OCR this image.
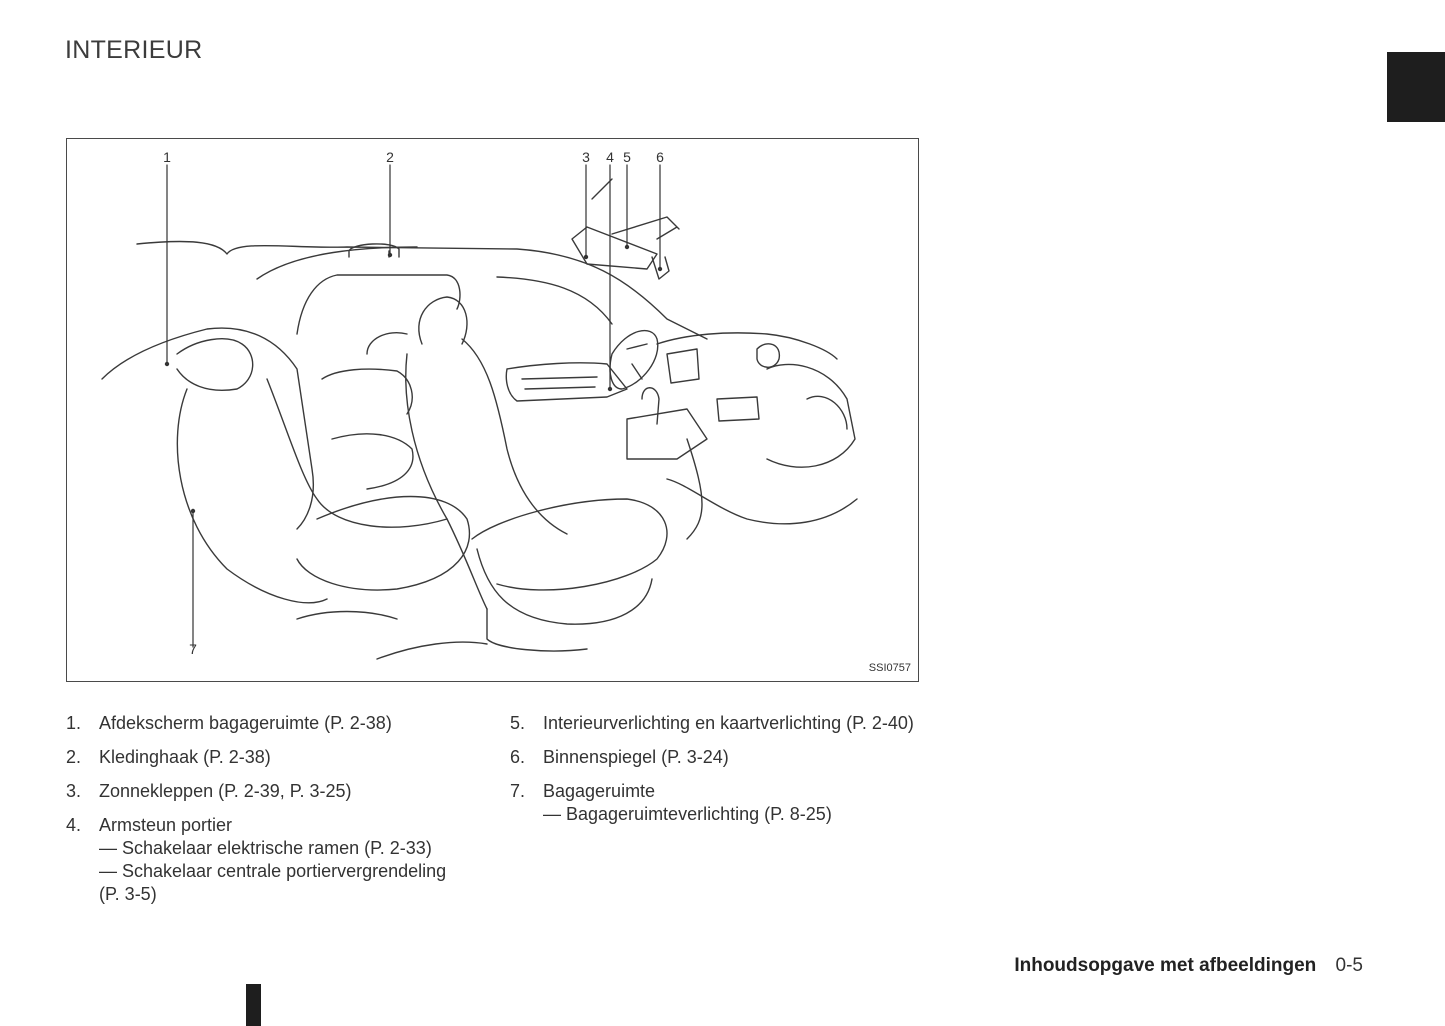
INTERIEUR
1	2	3 4 5 6
7
SSI0757
1. Afdekscherm bagageruimte (P. 2-38)
2. Kledinghaak (P. 2-38)
3. Zonnekleppen (P. 2-39, P. 3-25)
4. Armsteun portier
— Schakelaar elektrische ramen (P. 2-33)
— Schakelaar centrale portiervergrendeling
(P. 3-5)
5. Interieurverlichting en kaartverlichting (P. 2-40)
6. Binnenspiegel (P. 3-24)
7. Bagageruimte
— Bagageruimteverlichting (P. 8-25)
Inhoudsopgave met afbeeldingen 0-5
